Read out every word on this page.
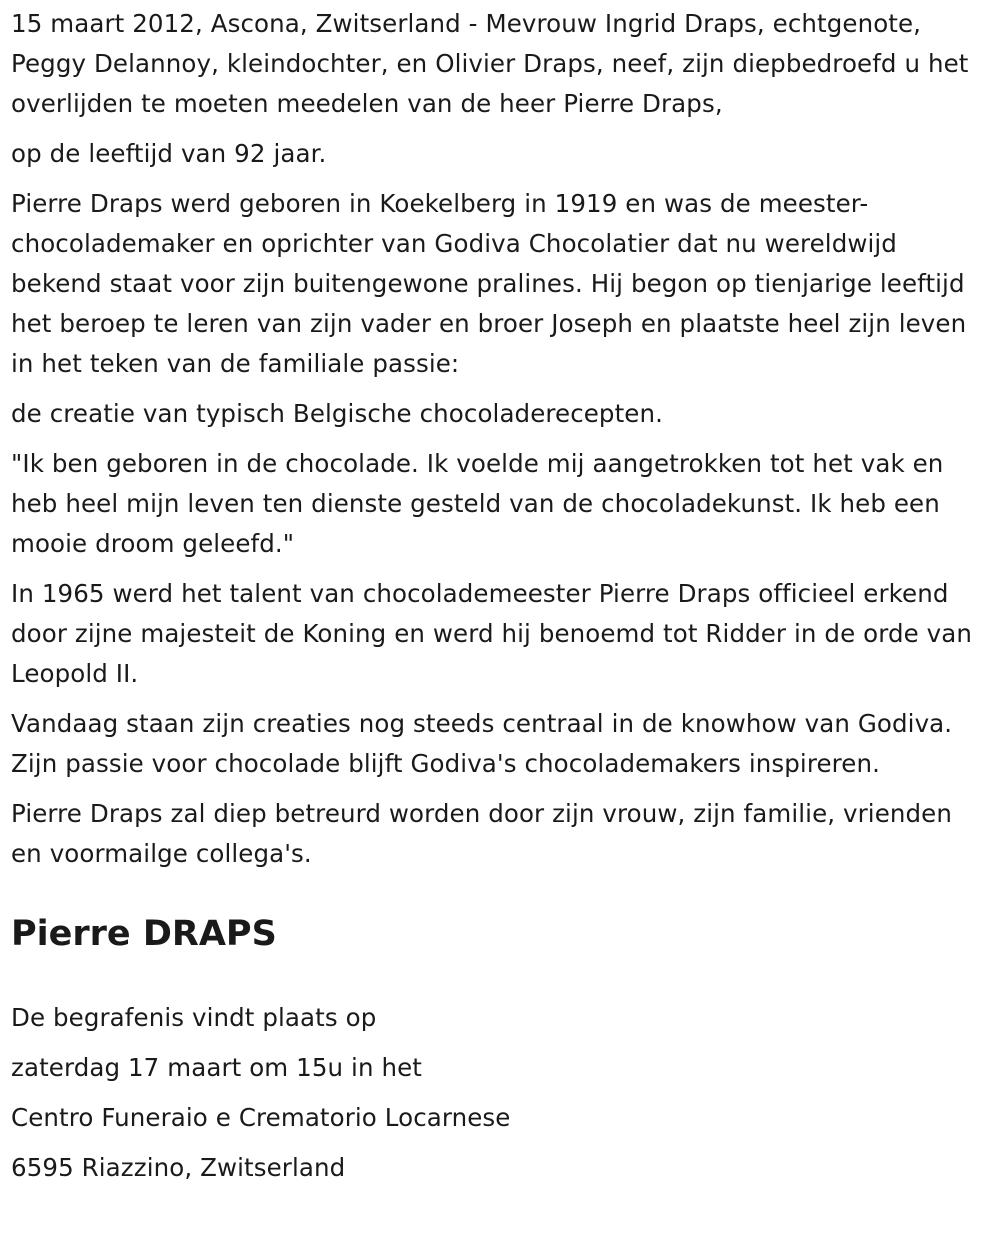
15 maart 2012, Ascona, Zwitserland - Mevrouw Ingrid Draps, echtgenote, Peggy Delannoy, kleindochter, en Olivier Draps, neef, zijn diepbedroefd u het overlijden te moeten meedelen van de heer Pierre Draps,

op de leeftijd van 92 jaar.

Pierre Draps werd geboren in Koekelberg in 1919 en was de meester-chocolademaker en oprichter van Godiva Chocolatier dat nu wereldwijd bekend staat voor zijn buitengewone pralines. Hij begon op tienjarige leeftijd het beroep te leren van zijn vader en broer Joseph en plaatste heel zijn leven in het teken van de familiale passie:

de creatie van typisch Belgische chocoladerecepten.

"Ik ben geboren in de chocolade. Ik voelde mij aangetrokken tot het vak en heb heel mijn leven ten dienste gesteld van de chocoladekunst. Ik heb een mooie droom geleefd."

In 1965 werd het talent van chocolademeester Pierre Draps officieel erkend door zijne majesteit de Koning en werd hij benoemd tot Ridder in de orde van Leopold II.

Vandaag staan zijn creaties nog steeds centraal in de knowhow van Godiva. Zijn passie voor chocolade blijft Godiva's chocolademakers inspireren.

Pierre Draps zal diep betreurd worden door zijn vrouw, zijn familie, vrienden en voormailge collega's.

Pierre DRAPS

De begrafenis vindt plaats op

zaterdag 17 maart om 15u in het

Centro Funeraio e Crematorio Locarnese

6595 Riazzino, Zwitserland
